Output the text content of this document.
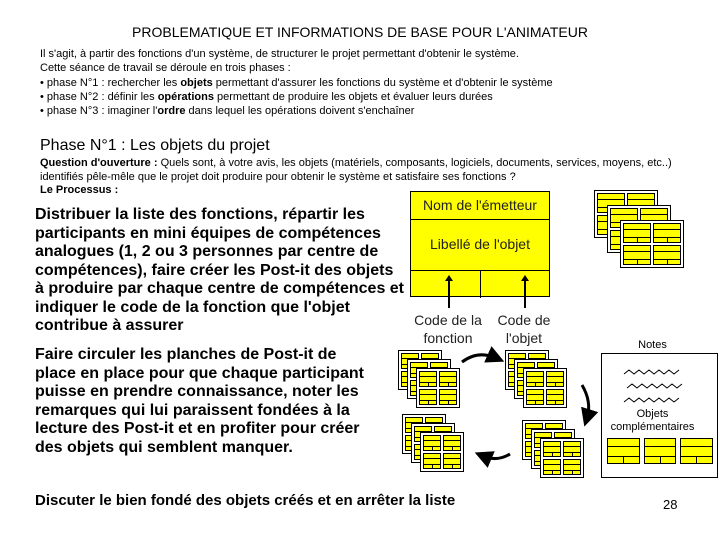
PROBLEMATIQUE ET INFORMATIONS DE BASE POUR L'ANIMATEUR
Il s'agit, à partir des fonctions d'un système, de structurer le projet permettant d'obtenir le système.
Cette séance de travail se déroule en trois phases :
• phase N°1 : rechercher les objets permettant d'assurer les fonctions du système et d'obtenir le système
• phase N°2 : définir les opérations permettant de produire les objets et évaluer leurs durées
• phase N°3 : imaginer l'ordre dans lequel les opérations doivent s'enchaîner
Phase N°1 : Les objets du projet
Question d'ouverture : Quels sont, à votre avis, les objets (matériels, composants, logiciels, documents, services, moyens, etc..) identifiés pêle-mêle que le projet doit produire pour obtenir le système et satisfaire ses fonctions ?
Le Processus :
Distribuer la liste des fonctions, répartir les participants en mini équipes de compétences analogues (1, 2 ou 3 personnes par centre de compétences), faire créer les Post-it des objets à produire par chaque centre de compétences et indiquer le code de la fonction que l'objet contribue à assurer
Faire circuler les planches de Post-it de place en place pour que chaque participant puisse en prendre connaissance, noter les remarques qui lui paraissent fondées à la lecture des Post-it et en profiter pour créer des objets qui semblent manquer.
Discuter le bien fondé des objets créés et en arrêter la liste	28
Nom de l'émetteur
Libellé de l'objet
Code de la fonction
Code de l'objet	Notes
Objets complémentaires
